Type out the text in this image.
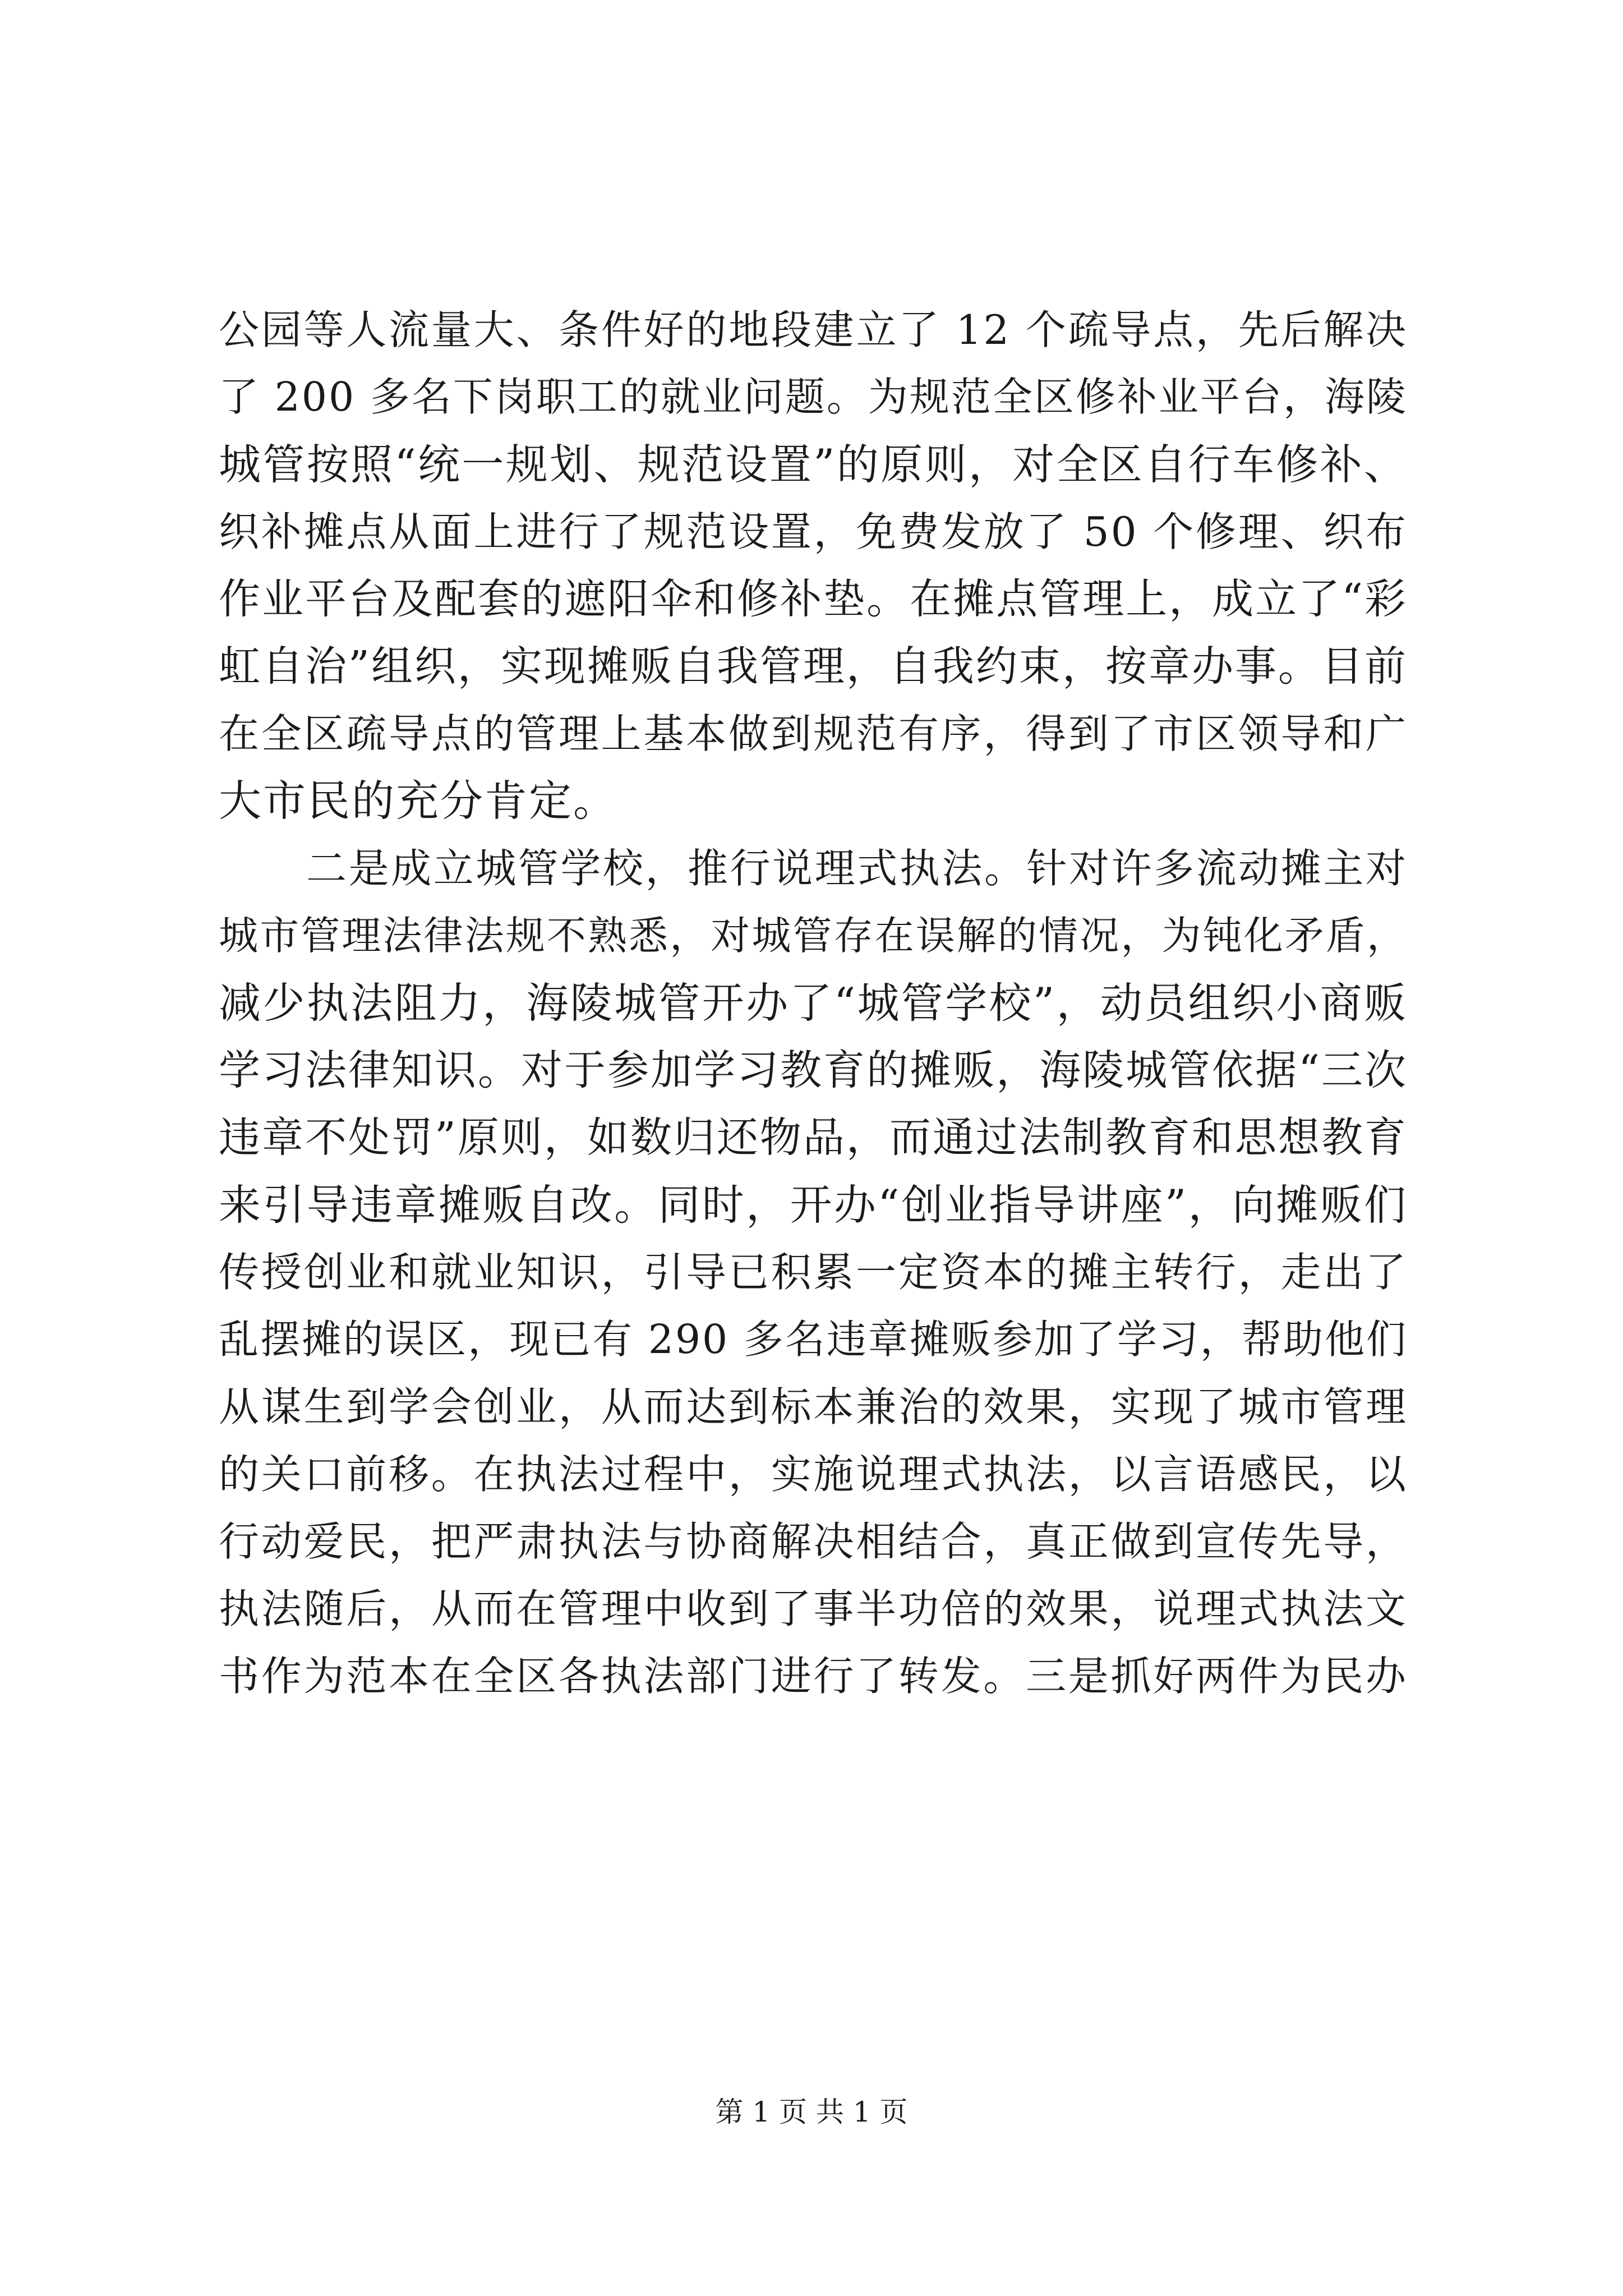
公园等人流量大、条件好的地段建立了 12 个疏导点，先后解决
了 200 多名下岗职工的就业问题。为规范全区修补业平台，海陵
城管按照“统一规划、规范设置”的原则，对全区自行车修补、
织补摊点从面上进行了规范设置，免费发放了 50 个修理、织布
作业平台及配套的遮阳伞和修补垫。在摊点管理上，成立了“彩
虹自治”组织，实现摊贩自我管理，自我约束，按章办事。目前
在全区疏导点的管理上基本做到规范有序，得到了市区领导和广
大市民的充分肯定。
二是成立城管学校，推行说理式执法。针对许多流动摊主对
城市管理法律法规不熟悉，对城管存在误解的情况，为钝化矛盾，
减少执法阻力，海陵城管开办了“城管学校”，动员组织小商贩
学习法律知识。对于参加学习教育的摊贩，海陵城管依据“三次
违章不处罚”原则，如数归还物品，而通过法制教育和思想教育
来引导违章摊贩自改。同时，开办“创业指导讲座”，向摊贩们
传授创业和就业知识，引导已积累一定资本的摊主转行，走出了
乱摆摊的误区，现已有 290 多名违章摊贩参加了学习，帮助他们
从谋生到学会创业，从而达到标本兼治的效果，实现了城市管理
的关口前移。在执法过程中，实施说理式执法，以言语感民，以
行动爱民，把严肃执法与协商解决相结合，真正做到宣传先导，
执法随后，从而在管理中收到了事半功倍的效果，说理式执法文
书作为范本在全区各执法部门进行了转发。三是抓好两件为民办
第 1 页 共 1 页
